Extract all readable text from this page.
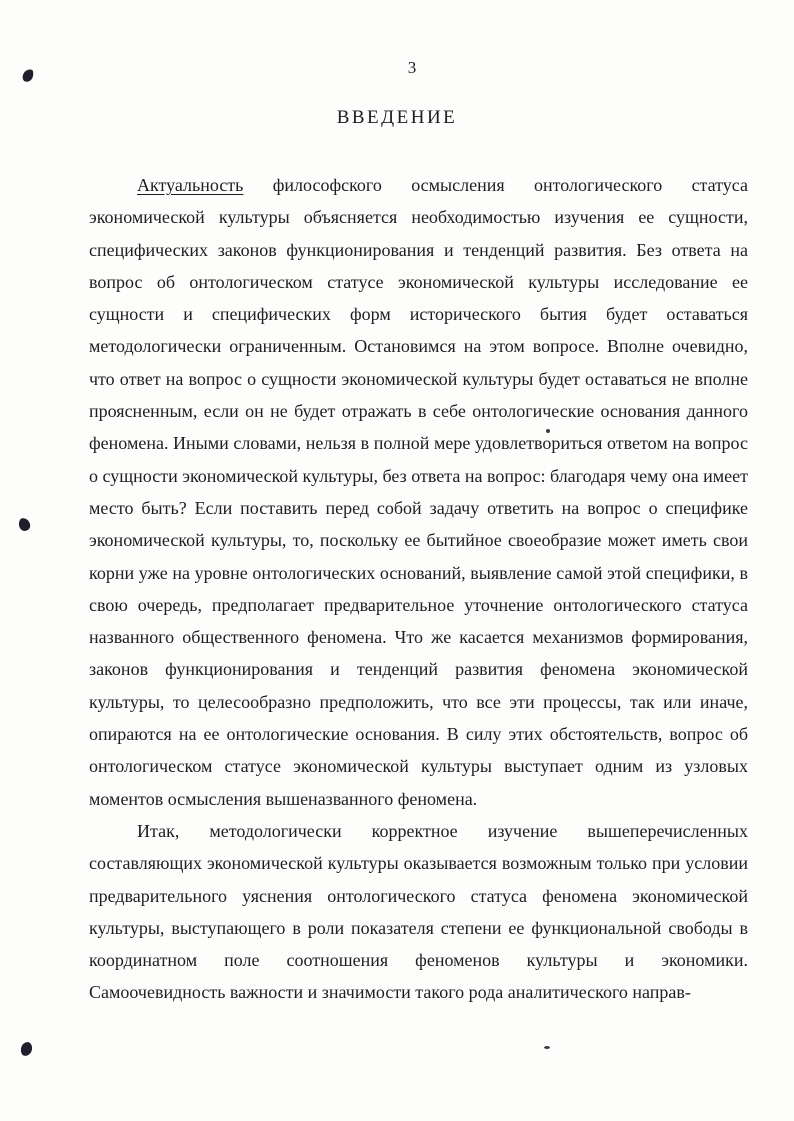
3
ВВЕДЕНИЕ

Актуальность философского осмысления онтологического статуса экономической культуры объясняется необходимостью изучения ее сущности, специфических законов функционирования и тенденций развития. Без ответа на вопрос об онтологическом статусе экономической культуры исследование ее сущности и специфических форм исторического бытия будет оставаться методологически ограниченным. Остановимся на этом вопросе. Вполне очевидно, что ответ на вопрос о сущности экономической культуры будет оставаться не вполне проясненным, если он не будет отражать в себе онтологические основания данного феномена. Иными словами, нельзя в полной мере удовлетвориться ответом на вопрос о сущности экономической культуры, без ответа на вопрос: благодаря чему она имеет место быть? Если поставить перед собой задачу ответить на вопрос о специфике экономической культуры, то, поскольку ее бытийное своеобразие может иметь свои корни уже на уровне онтологических оснований, выявление самой этой специфики, в свою очередь, предполагает предварительное уточнение онтологического статуса названного общественного феномена. Что же касается механизмов формирования, законов функционирования и тенденций развития феномена экономической культуры, то целесообразно предположить, что все эти процессы, так или иначе, опираются на ее онтологические основания. В силу этих обстоятельств, вопрос об онтологическом статусе экономической культуры выступает одним из узловых моментов осмысления вышеназванного феномена.

Итак, методологически корректное изучение вышеперечисленных составляющих экономической культуры оказывается возможным только при условии предварительного уяснения онтологического статуса феномена экономической культуры, выступающего в роли показателя степени ее функциональной свободы в координатном поле соотношения феноменов культуры и экономики. Самоочевидность важности и значимости такого рода аналитического направ-
